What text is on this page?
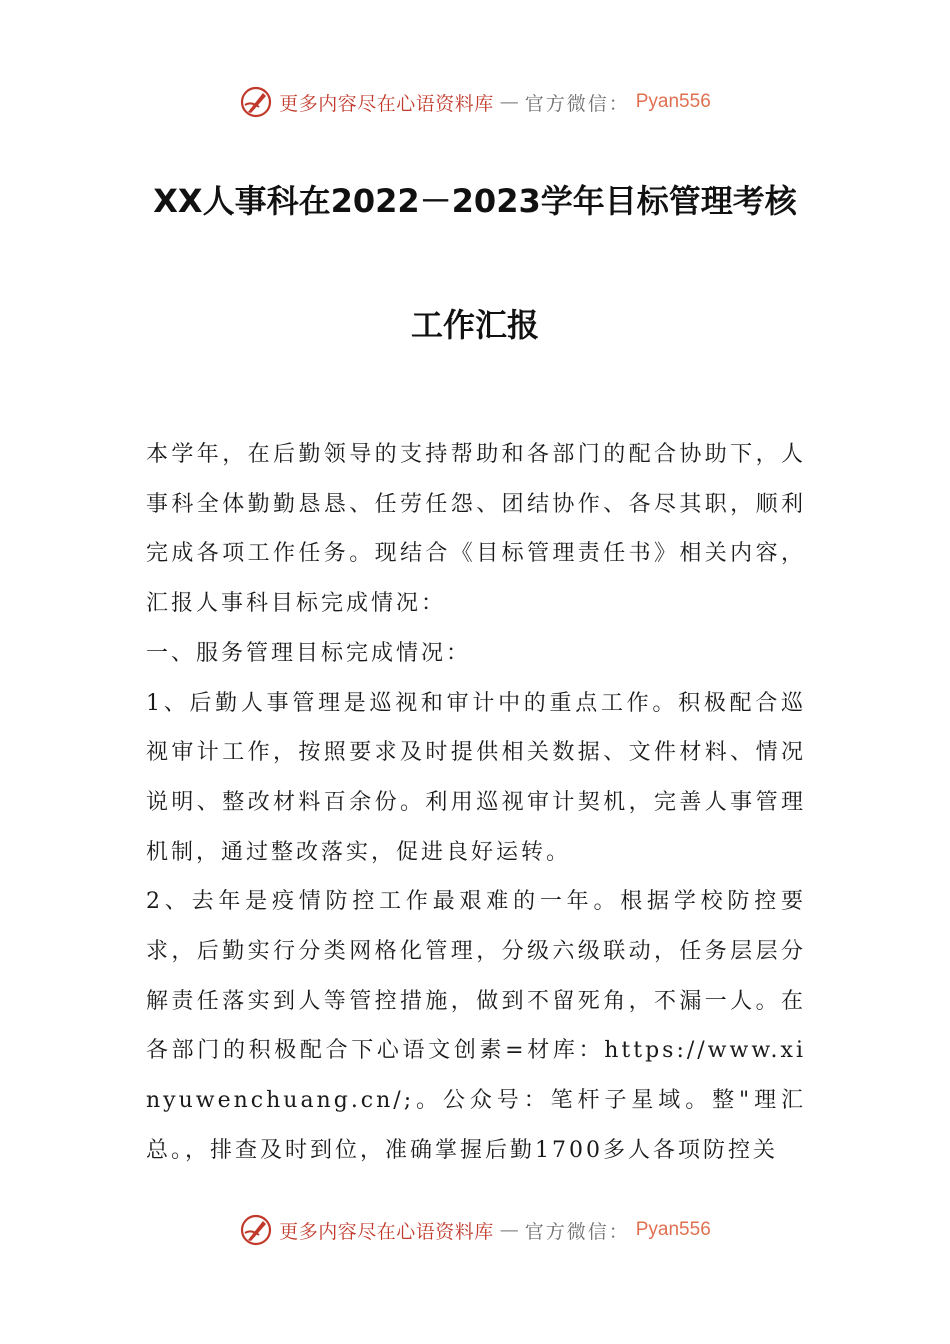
更多内容尽在心语资料库 — 官方微信： Pyan556
XX人事科在2022－2023学年目标管理考核
工作汇报

本学年，在后勤领导的支持帮助和各部门的配合协助下，人事科全体勤勤恳恳、任劳任怨、团结协作、各尽其职，顺利完成各项工作任务。现结合《目标管理责任书》相关内容，汇报人事科目标完成情况：

一、服务管理目标完成情况：

1、后勤人事管理是巡视和审计中的重点工作。积极配合巡视审计工作，按照要求及时提供相关数据、文件材料、情况说明、整改材料百余份。利用巡视审计契机，完善人事管理机制，通过整改落实，促进良好运转。

2、去年是疫情防控工作最艰难的一年。根据学校防控要求，后勤实行分类网格化管理，分级六级联动，任务层层分解责任落实到人等管控措施，做到不留死角，不漏一人。在各部门的积极配合下心语文创素=材库：https://www.xinyuwenchuang.cn/;。公众号：笔杆子星域。整"理汇总。，排查及时到位，准确掌握后勤1700多人各项防控关

更多内容尽在心语资料库 — 官方微信： Pyan556
